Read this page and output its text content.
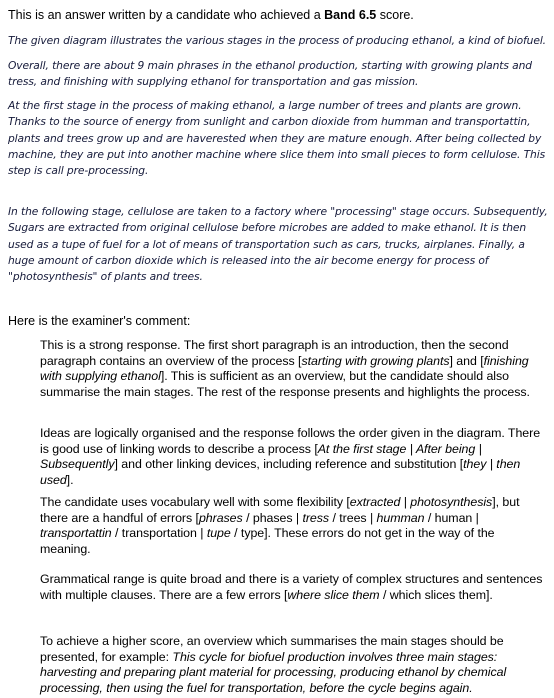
This is an answer written by a candidate who achieved a Band 6.5 score.

The given diagram illustrates the various stages in the process of producing ethanol, a kind of biofuel.

Overall, there are about 9 main phrases in the ethanol production, starting with growing plants and tress, and finishing with supplying ethanol for transportation and gas mission.

At the first stage in the process of making ethanol, a large number of trees and plants are grown. Thanks to the source of energy from sunlight and carbon dioxide from humman and transportattin, plants and trees grow up and are haverested when they are mature enough. After being collected by machine, they are put into another machine where slice them into small pieces to form cellulose. This step is call pre-processing.

In the following stage, cellulose are taken to a factory where "processing" stage occurs. Subsequently, Sugars are extracted from original cellulose before microbes are added to make ethanol. It is then used as a tupe of fuel for a lot of means of transportation such as cars, trucks, airplanes. Finally, a huge amount of carbon dioxide which is released into the air become energy for process of "photosynthesis" of plants and trees.

Here is the examiner's comment:

This is a strong response. The first short paragraph is an introduction, then the second paragraph contains an overview of the process [starting with growing plants] and [finishing with supplying ethanol]. This is sufficient as an overview, but the candidate should also summarise the main stages. The rest of the response presents and highlights the process.

Ideas are logically organised and the response follows the order given in the diagram. There is good use of linking words to describe a process [At the first stage | After being | Subsequently] and other linking devices, including reference and substitution [they | then used].

The candidate uses vocabulary well with some flexibility [extracted | photosynthesis], but there are a handful of errors [phrases / phases | tress / trees | humman / human | transportattin / transportation | tupe / type]. These errors do not get in the way of the meaning.

Grammatical range is quite broad and there is a variety of complex structures and sentences with multiple clauses. There are a few errors [where slice them / which slices them].

To achieve a higher score, an overview which summarises the main stages should be presented, for example: This cycle for biofuel production involves three main stages: harvesting and preparing plant material for processing, producing ethanol by chemical processing, then using the fuel for transportation, before the cycle begins again.
